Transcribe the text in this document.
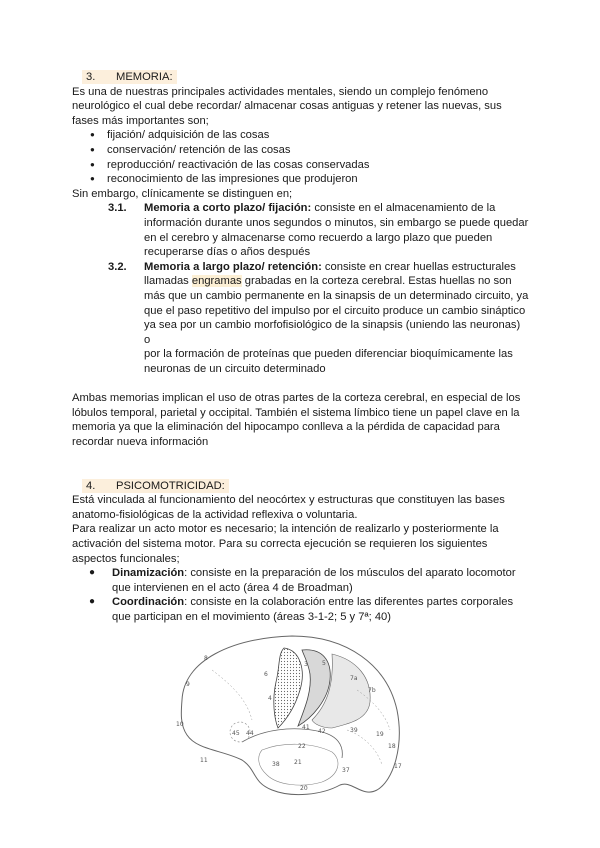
3. MEMORIA:

Es una de nuestras principales actividades mentales, siendo un complejo fenómeno

neurológico el cual debe recordar/ almacenar cosas antiguas y retener las nuevas, sus

fases más importantes son;

● fijación/ adquisición de las cosas
● conservación/ retención de las cosas
● reproducción/ reactivación de las cosas conservadas
● reconocimiento de las impresiones que produjeron

Sin embargo, clínicamente se distinguen en;

3.1.	Memoria a corto plazo/ fijación: consiste en el almacenamiento de la

información durante unos segundos o minutos, sin embargo se puede quedar

en el cerebro y almacenarse como recuerdo a largo plazo que pueden

recuperarse días o años después

3.2.	Memoria a largo plazo/ retención: consiste en crear huellas estructurales

llamadas engramas grabadas en la corteza cerebral. Estas huellas no son

más que un cambio permanente en la sinapsis de un determinado circuito, ya

que el paso repetitivo del impulso por el circuito produce un cambio sináptico

ya sea por un cambio morfofisiológico de la sinapsis (uniendo las neuronas) o

por la formación de proteínas que pueden diferenciar bioquímicamente las

neuronas de un circuito determinado

Ambas memorias implican el uso de otras partes de la corteza cerebral, en especial de los

lóbulos temporal, parietal y occipital. También el sistema límbico tiene un papel clave en la

memoria ya que la eliminación del hipocampo conlleva a la pérdida de capacidad para

recordar nueva información

4. PSICOMOTRICIDAD:

Está vinculada al funcionamiento del neocórtex y estructuras que constituyen las bases

anatomo-fisiológicas de la actividad reflexiva o voluntaria.

Para realizar un acto motor es necesario; la intención de realizarlo y posteriormente la

activación del sistema motor. Para su correcta ejecución se requieren los siguientes

aspectos funcionales;

● Dinamización: consiste en la preparación de los músculos del aparato locomotor
que intervienen en el acto (área 4 de Broadman)
● Coordinación: consiste en la colaboración entre las diferentes partes corporales
que participan en el movimiento (áreas 3-1-2; 5 y 7ª; 40)
8
6
3 5
7a
7b
9
4
10
45 44
41
42
22
39
19
18
17
11
38 21
37
20
